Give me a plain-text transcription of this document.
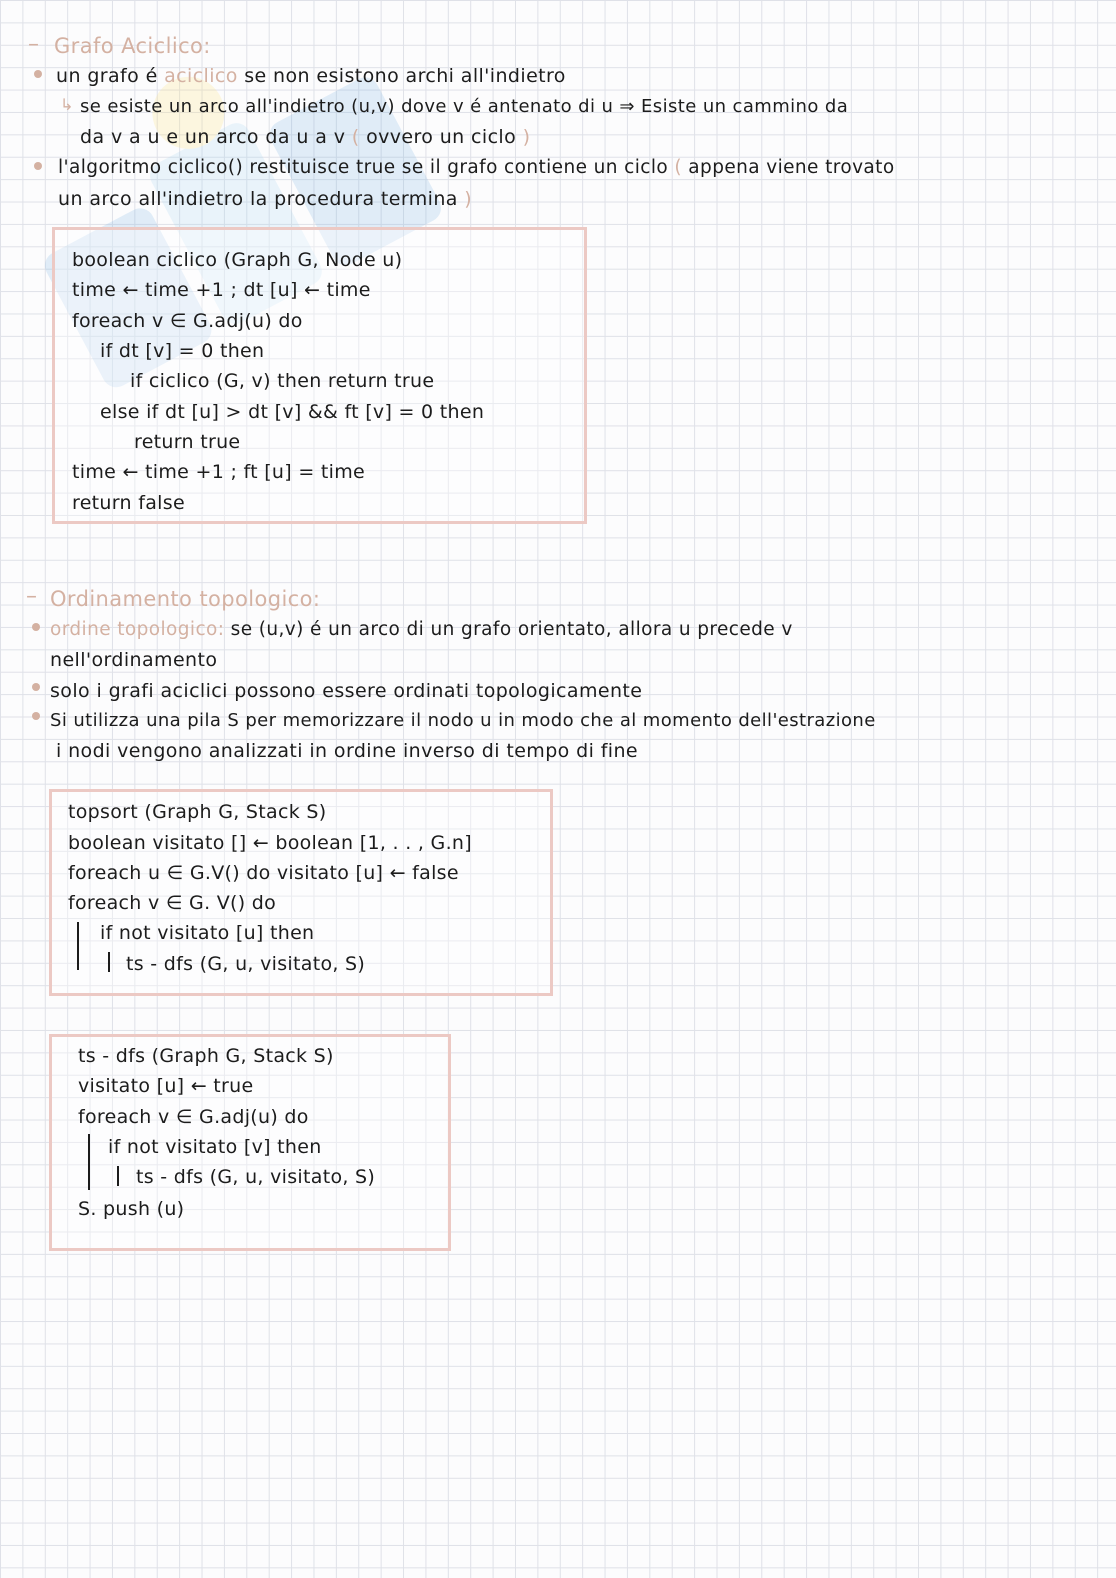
– Grafo Aciclico:
un grafo é aciclico se non esistono archi all'indietro
↳ se esiste un arco all'indietro (u,v) dove v é antenato di u ⇒ Esiste un cammino da
da v a u e un arco da u a v ( ovvero un ciclo )
l'algoritmo ciclico() restituisce true se il grafo contiene un ciclo ( appena viene trovato
un arco all'indietro la procedura termina )
boolean ciclico (Graph G, Node u)
time ← time +1 ; dt [u] ← time
foreach v ∈ G.adj(u) do
if dt [v] = 0 then
if ciclico (G, v) then return true
else if dt [u] > dt [v] && ft [v] = 0 then
return true
time ← time +1 ; ft [u] = time
return false
– Ordinamento topologico:
ordine topologico: se (u,v) é un arco di un grafo orientato, allora u precede v
nell'ordinamento
solo i grafi aciclici possono essere ordinati topologicamente
Si utilizza una pila S per memorizzare il nodo u in modo che al momento dell'estrazione
i nodi vengono analizzati in ordine inverso di tempo di fine
topsort (Graph G, Stack S)
boolean visitato [] ← boolean [1, . . , G.n]
foreach u ∈ G.V() do visitato [u] ← false
foreach v ∈ G. V() do
if not visitato [u] then
ts - dfs (G, u, visitato, S)
ts - dfs (Graph G, Stack S)
visitato [u] ← true
foreach v ∈ G.adj(u) do
if not visitato [v] then
ts - dfs (G, u, visitato, S)
S. push (u)
